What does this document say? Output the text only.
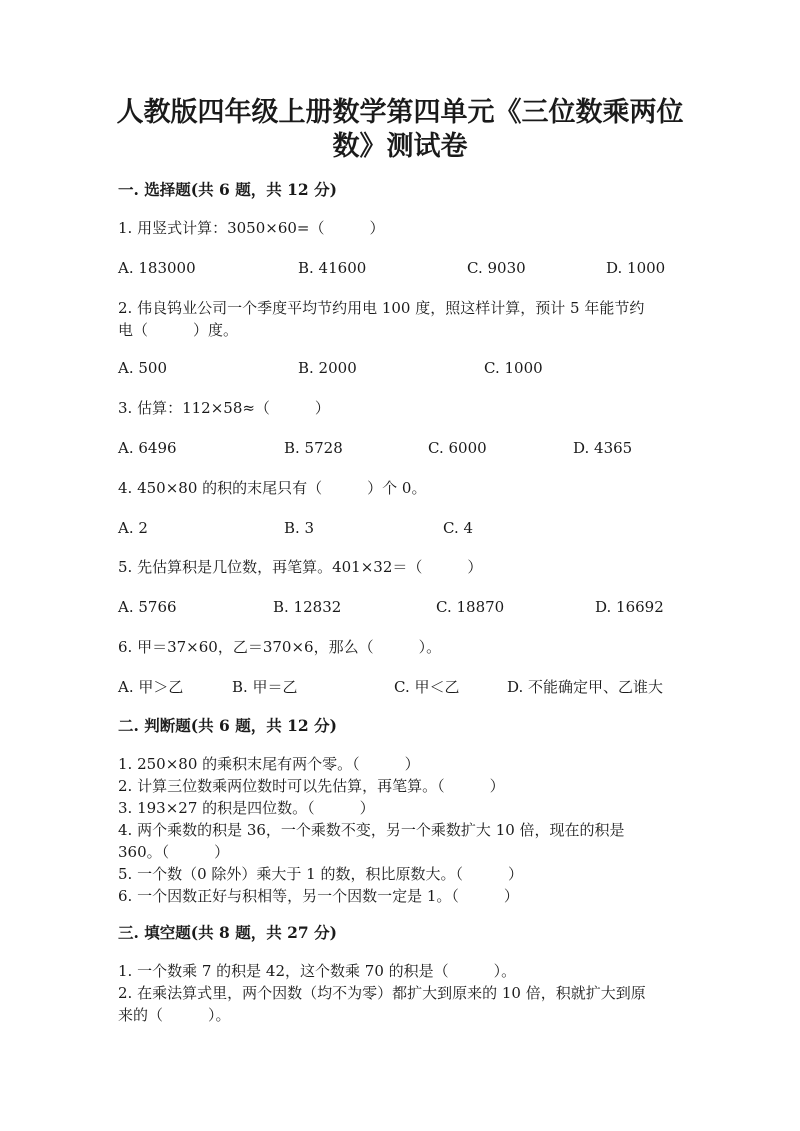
人教版四年级上册数学第四单元《三位数乘两位
数》测试卷
一. 选择题(共 6 题，共 12 分)
1. 用竖式计算：3050×60=（　　　）
A. 183000	B. 41600	C. 9030	D. 1000
2. 伟良钨业公司一个季度平均节约用电 100 度，照这样计算，预计 5 年能节约
电（　　　）度。
A. 500	B. 2000	C. 1000
3. 估算：112×58≈（　　　）
A. 6496	B. 5728	C. 6000	D. 4365
4. 450×80 的积的末尾只有（　　　）个 0。
A. 2	B. 3	C. 4
5. 先估算积是几位数，再笔算。401×32＝（　　　）
A. 5766	B. 12832	C. 18870	D. 16692
6. 甲＝37×60，乙＝370×6，那么（　　　）。
A. 甲＞乙	B. 甲＝乙	C. 甲＜乙	D. 不能确定甲、乙谁大
二. 判断题(共 6 题，共 12 分)
1. 250×80 的乘积末尾有两个零。（　　　）
2. 计算三位数乘两位数时可以先估算，再笔算。（　　　）
3. 193×27 的积是四位数。（　　　）
4. 两个乘数的积是 36，一个乘数不变，另一个乘数扩大 10 倍，现在的积是
360。（　　　）
5. 一个数（0 除外）乘大于 1 的数，积比原数大。（　　　）
6. 一个因数正好与积相等，另一个因数一定是 1。（　　　）
三. 填空题(共 8 题，共 27 分)
1. 一个数乘 7 的积是 42，这个数乘 70 的积是（　　　）。
2. 在乘法算式里，两个因数（均不为零）都扩大到原来的 10 倍，积就扩大到原
来的（　　　）。
